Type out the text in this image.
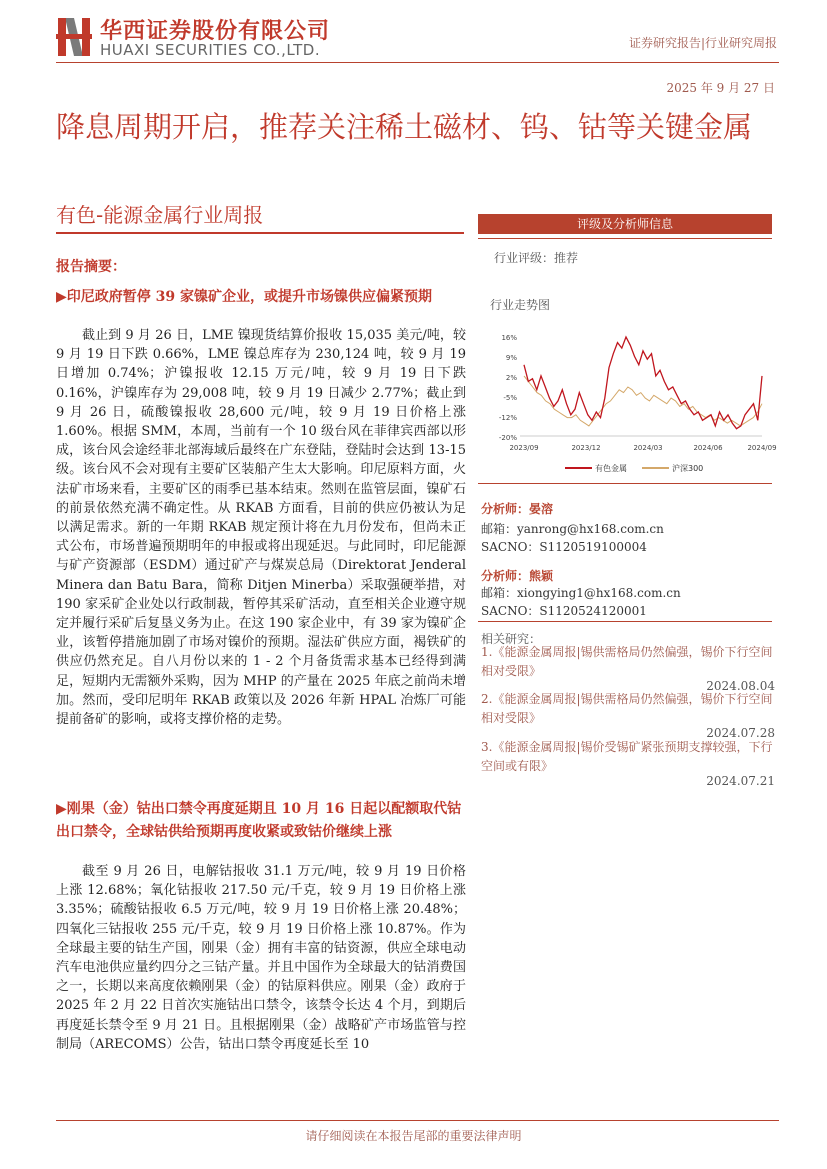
华西证券股份有限公司
HUAXI SECURITIES CO.,LTD.	证券研究报告|行业研究周报
2025 年 9 月 27 日
降息周期开启，推荐关注稀土磁材、钨、钴等关键金属
有色-能源金属行业周报	评级及分析师信息
行业评级：推荐
行业走势图
16%
9%
2%
-5%
-12%
-20%
2023/09	2023/12	2024/03	2024/06	2024/09
有色金属	沪深300
分析师：晏溶
邮箱：yanrong@hx168.com.cn
SACNO：S1120519100004
分析师：熊颖
邮箱：xiongying1@hx168.com.cn
SACNO：S1120524120001
相关研究：
1.《能源金属周报|锡供需格局仍然偏强，锡价下行空间相对受限》
2024.08.04
2.《能源金属周报|锡供需格局仍然偏强，锡价下行空间相对受限》
2024.07.28
3.《能源金属周报|锡价受锡矿紧张预期支撑较强，下行空间或有限》
2024.07.21
报告摘要：
▶印尼政府暂停 39 家镍矿企业，或提升市场镍供应偏紧预期
截止到 9 月 26 日，LME 镍现货结算价报收 15,035 美元/吨，较 9 月 19 日下跌 0.66%，LME 镍总库存为 230,124 吨，较 9 月 19 日增加 0.74%；沪镍报收 12.15 万元/吨，较 9 月 19 日下跌 0.16%，沪镍库存为 29,008 吨，较 9 月 19 日减少 2.77%；截止到 9 月 26 日，硫酸镍报收 28,600 元/吨，较 9 月 19 日价格上涨 1.60%。根据 SMM，本周，当前有一个 10 级台风在菲律宾西部以形成，该台风会途经菲北部海域后最终在广东登陆，登陆时会达到 13-15 级。该台风不会对现有主要矿区装船产生太大影响。印尼原料方面，火法矿市场来看，主要矿区的雨季已基本结束。然则在监管层面，镍矿石的前景依然充满不确定性。从 RKAB 方面看，目前的供应仍被认为足以满足需求。新的一年期 RKAB 规定预计将在九月份发布，但尚未正式公布，市场普遍预期明年的申报或将出现延迟。与此同时，印尼能源与矿产资源部（ESDM）通过矿产与煤炭总局（Direktorat Jenderal Minera dan Batu Bara，简称 Ditjen Minerba）采取强硬举措，对 190 家采矿企业处以行政制裁，暂停其采矿活动，直至相关企业遵守规定并履行采矿后复垦义务为止。在这 190 家企业中，有 39 家为镍矿企业，该暂停措施加剧了市场对镍价的预期。湿法矿供应方面，褐铁矿的供应仍然充足。自八月份以来的 1 - 2 个月备货需求基本已经得到满足，短期内无需额外采购，因为 MHP 的产量在 2025 年底之前尚未增加。然而，受印尼明年 RKAB 政策以及 2026 年新 HPAL 冶炼厂可能提前备矿的影响，或将支撑价格的走势。
▶刚果（金）钴出口禁令再度延期且 10 月 16 日起以配额取代钴出口禁令，全球钴供给预期再度收紧或致钴价继续上涨
截至 9 月 26 日，电解钴报收 31.1 万元/吨，较 9 月 19 日价格上涨 12.68%；氧化钴报收 217.50 元/千克，较 9 月 19 日价格上涨 3.35%；硫酸钴报收 6.5 万元/吨，较 9 月 19 日价格上涨 20.48%；四氧化三钴报收 255 元/千克，较 9 月 19 日价格上涨 10.87%。作为全球最主要的钴生产国，刚果（金）拥有丰富的钴资源，供应全球电动汽车电池供应量约四分之三钴产量。并且中国作为全球最大的钴消费国之一，长期以来高度依赖刚果（金）的钴原料供应。刚果（金）政府于 2025 年 2 月 22 日首次实施钴出口禁令，该禁令长达 4 个月，到期后再度延长禁令至 9 月 21 日。且根据刚果（金）战略矿产市场监管与控制局（ARECOMS）公告，钴出口禁令再度延长至 10
请仔细阅读在本报告尾部的重要法律声明
